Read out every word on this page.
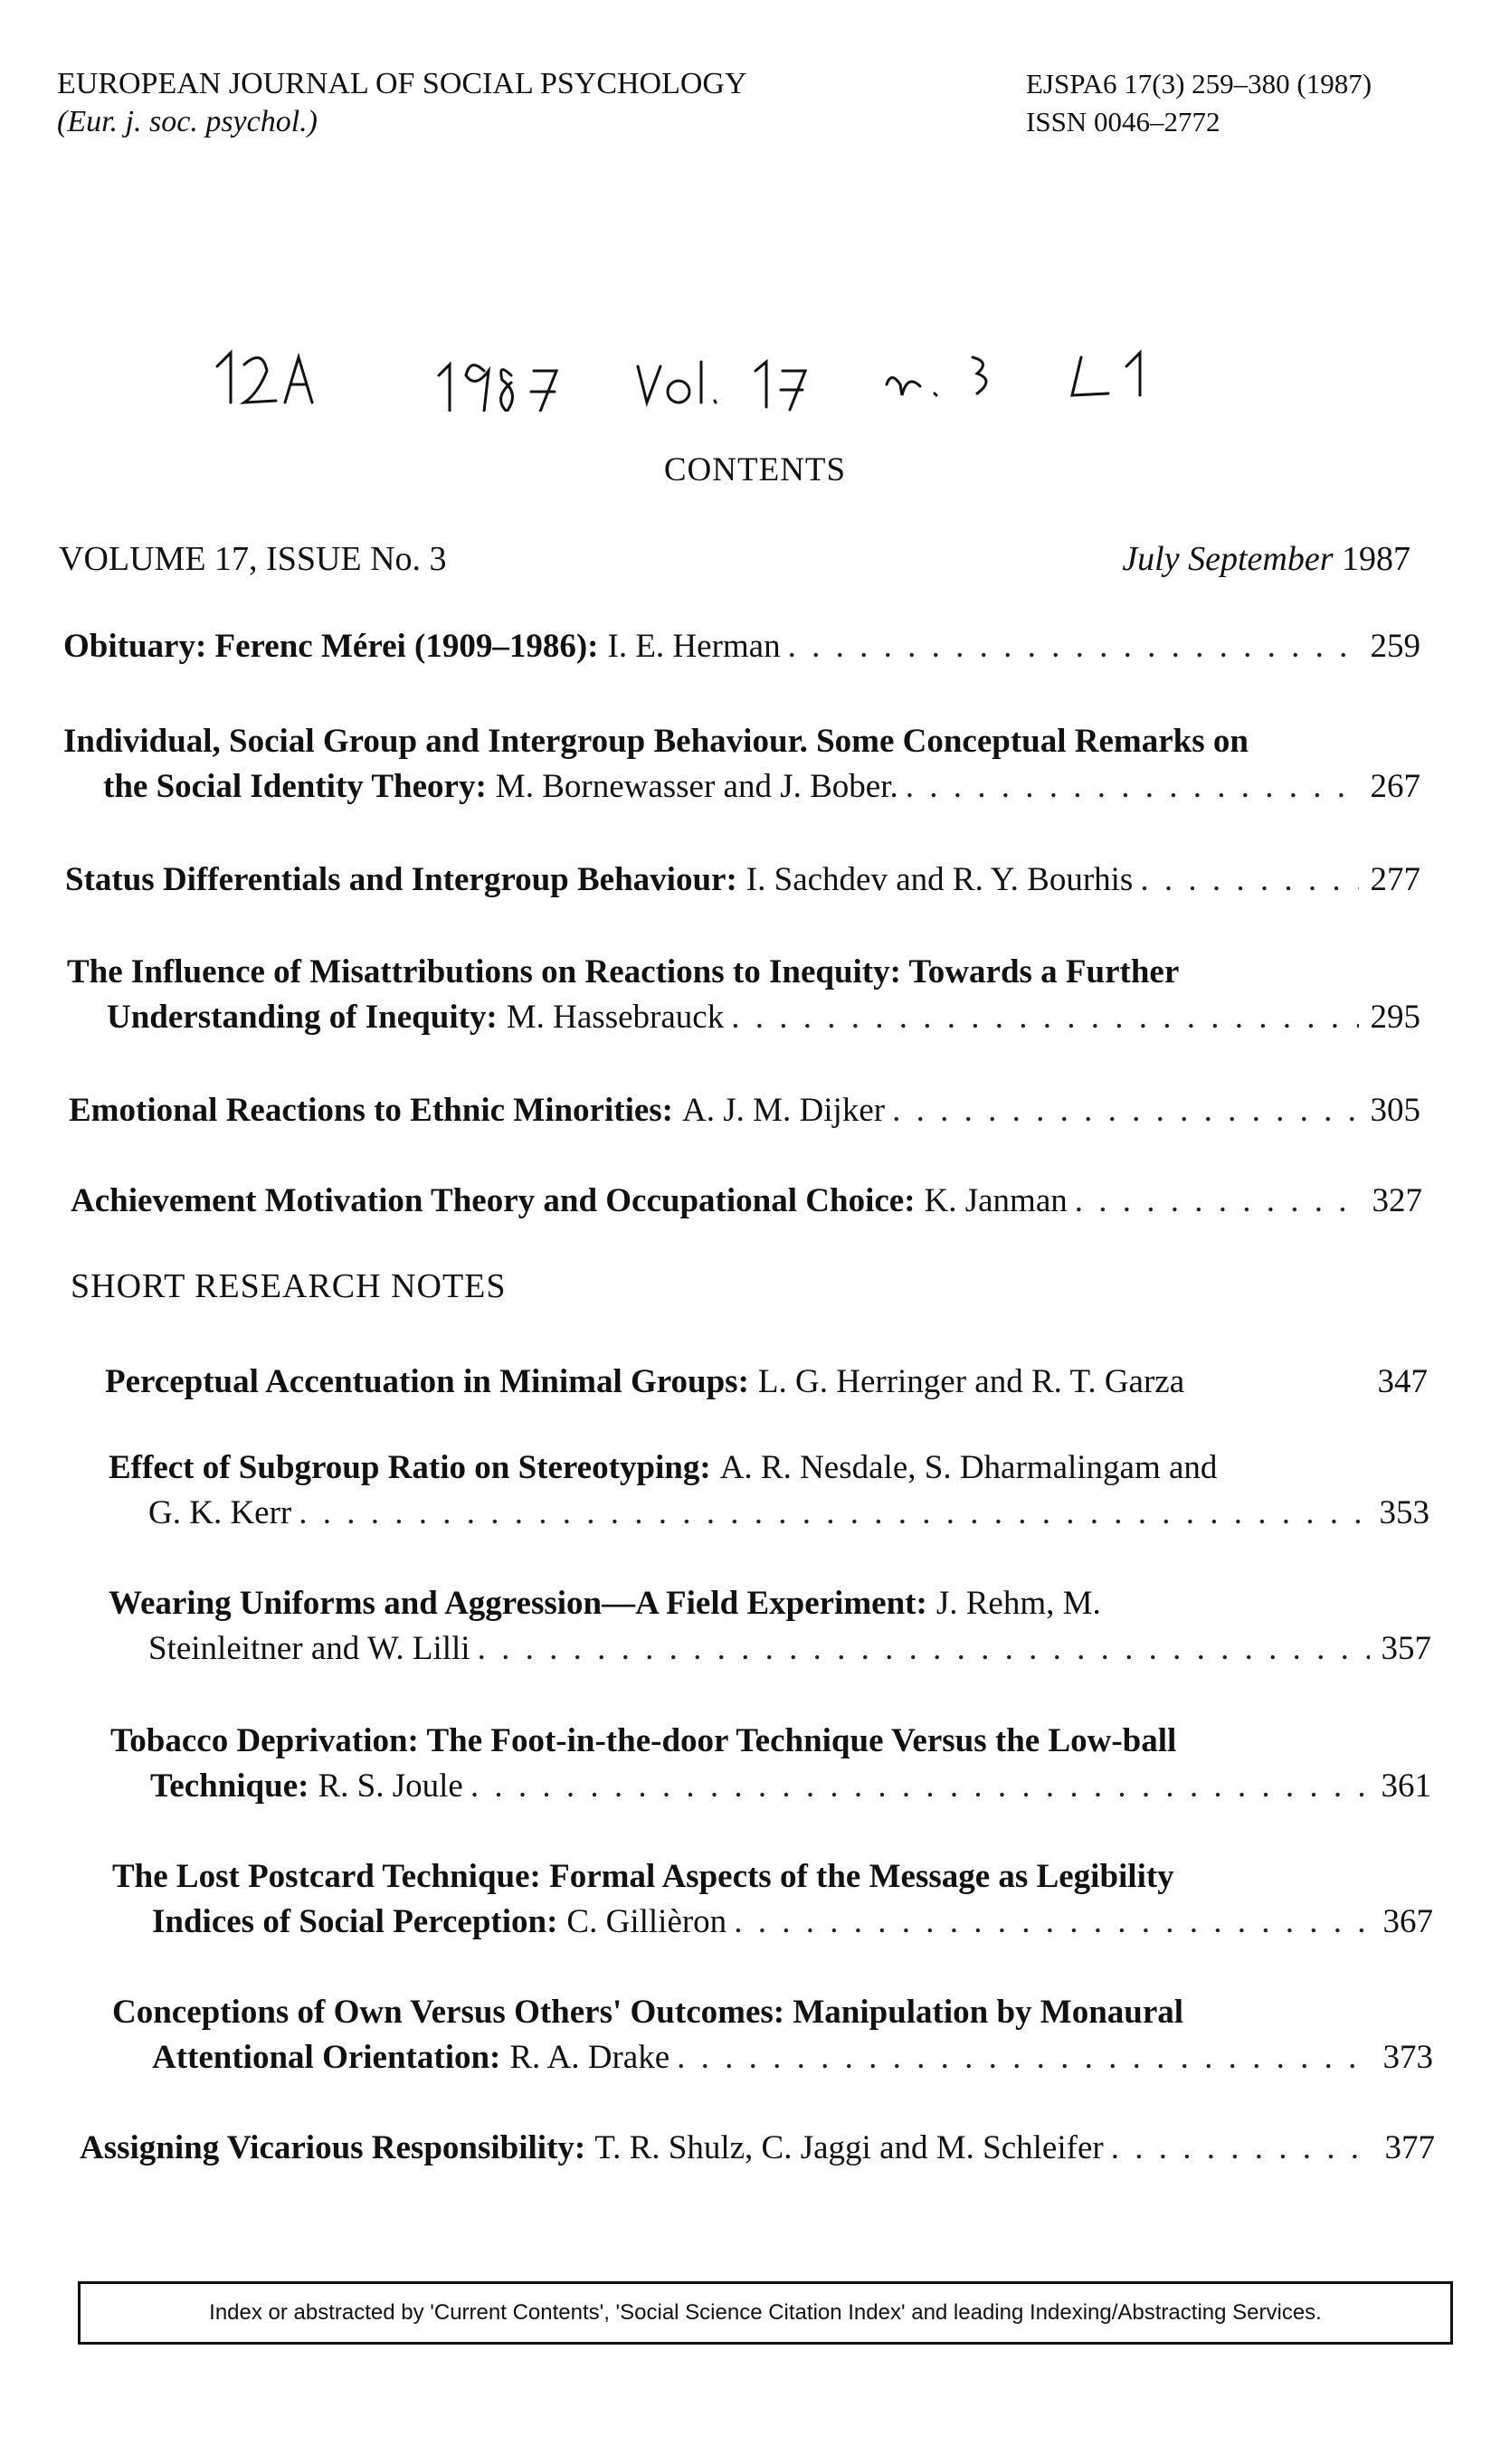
EUROPEAN JOURNAL OF SOCIAL PSYCHOLOGY
(Eur. j. soc. psychol.)
EJSPA6 17(3) 259–380 (1987)
ISSN 0046–2772
CONTENTS
VOLUME 17, ISSUE No. 3	July September 1987
Obituary: Ferenc Mérei (1909–1986): I. E. Herman . . .	259
Individual, Social Group and Intergroup Behaviour. Some Conceptual Remarks on
the Social Identity Theory: M. Bornewasser and J. Bober. . . .	267
Status Differentials and Intergroup Behaviour: I. Sachdev and R. Y. Bourhis . . .	277
The Influence of Misattributions on Reactions to Inequity: Towards a Further
Understanding of Inequity: M. Hassebrauck . . .	295
Emotional Reactions to Ethnic Minorities: A. J. M. Dijker . . .	305
Achievement Motivation Theory and Occupational Choice: K. Janman . . .	327
SHORT RESEARCH NOTES
Perceptual Accentuation in Minimal Groups: L. G. Herringer and R. T. Garza	347
Effect of Subgroup Ratio on Stereotyping: A. R. Nesdale, S. Dharmalingam and
G. K. Kerr . . .	353
Wearing Uniforms and Aggression—A Field Experiment: J. Rehm, M.
Steinleitner and W. Lilli . . .	357
Tobacco Deprivation: The Foot-in-the-door Technique Versus the Low-ball
Technique: R. S. Joule . . .	361
The Lost Postcard Technique: Formal Aspects of the Message as Legibility
Indices of Social Perception: C. Gillièron . . .	367
Conceptions of Own Versus Others' Outcomes: Manipulation by Monaural
Attentional Orientation: R. A. Drake . . .	373
Assigning Vicarious Responsibility: T. R. Shulz, C. Jaggi and M. Schleifer . . .	377
Index or abstracted by 'Current Contents', 'Social Science Citation Index' and leading Indexing/Abstracting Services.
